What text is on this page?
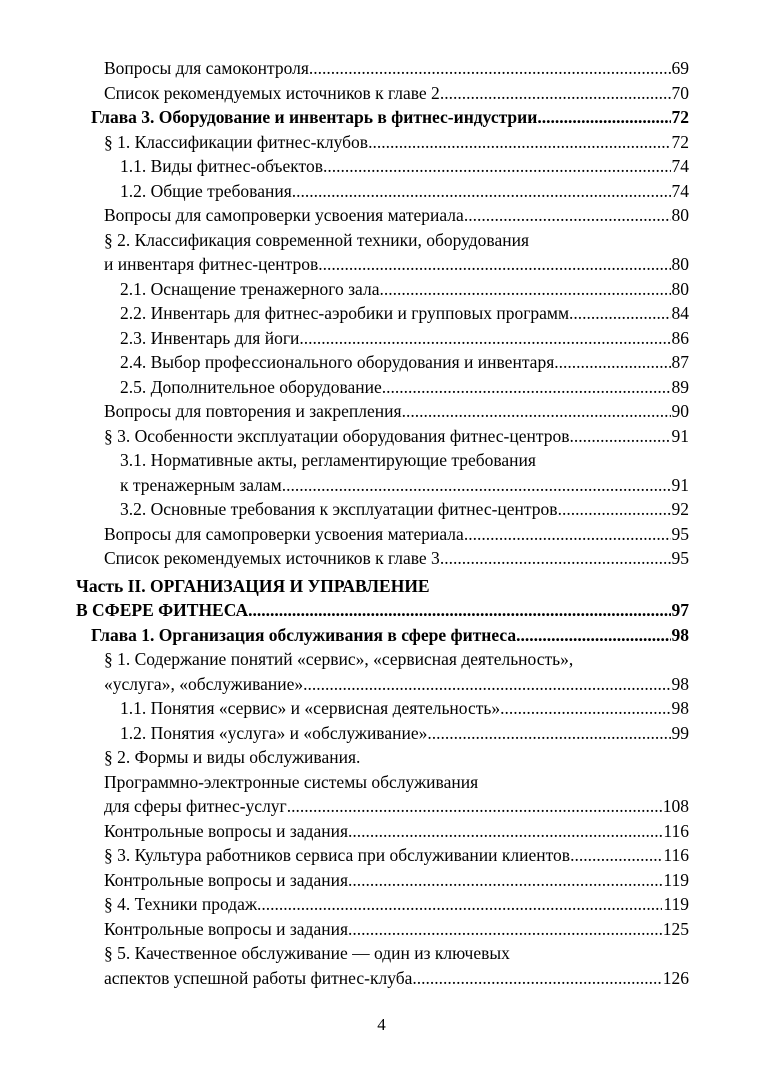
Вопросы для самоконтроля .....	69
Список рекомендуемых источников к главе 2 .....	70
Глава 3. Оборудование и инвентарь в фитнес-индустрии .....	72
§ 1. Классификации фитнес-клубов .....	72
1.1. Виды фитнес-объектов .....	74
1.2. Общие требования .....	74
Вопросы для самопроверки усвоения материала .....	80
§ 2. Классификация современной техники, оборудования
и инвентаря фитнес-центров .....	80
2.1. Оснащение тренажерного зала .....	80
2.2. Инвентарь для фитнес-аэробики и групповых программ .....	84
2.3. Инвентарь для йоги .....	86
2.4. Выбор профессионального оборудования и инвентаря .....	87
2.5. Дополнительное оборудование .....	89
Вопросы для повторения и закрепления .....	90
§ 3. Особенности эксплуатации оборудования фитнес-центров .....	91
3.1. Нормативные акты, регламентирующие требования
к тренажерным залам .....	91
3.2. Основные требования к эксплуатации фитнес-центров .....	92
Вопросы для самопроверки усвоения материала .....	95
Список рекомендуемых источников к главе 3 .....	95
Часть II. ОРГАНИЗАЦИЯ И УПРАВЛЕНИЕ
В СФЕРЕ ФИТНЕСА .....	97
Глава 1. Организация обслуживания в сфере фитнеса .....	98
§ 1. Содержание понятий «сервис», «сервисная деятельность»,
«услуга», «обслуживание» .....	98
1.1. Понятия «сервис» и «сервисная деятельность» .....	98
1.2. Понятия «услуга» и «обслуживание» .....	99
§ 2. Формы и виды обслуживания.
Программно-электронные системы обслуживания
для сферы фитнес-услуг .....	108
Контрольные вопросы и задания .....	116
§ 3. Культура работников сервиса при обслуживании клиентов .....	116
Контрольные вопросы и задания .....	119
§ 4. Техники продаж .....	119
Контрольные вопросы и задания .....	125
§ 5. Качественное обслуживание — один из ключевых
аспектов успешной работы фитнес-клуба .....	126
4
